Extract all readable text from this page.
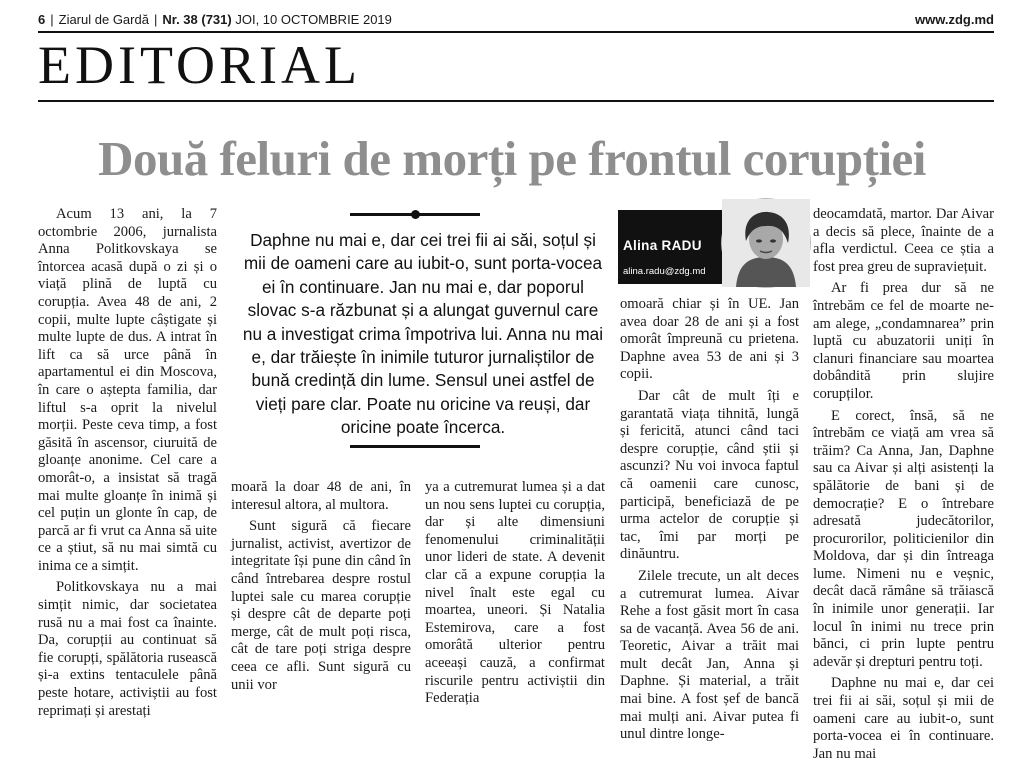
6 | Ziarul de Gardă | Nr. 38 (731) JOI, 10 OCTOMBRIE 2019	www.zdg.md
EDITORIAL
Două feluri de morți pe frontul corupției

Acum 13 ani, la 7 octombrie 2006, jurnalista Anna Politkovskaya se întorcea acasă după o zi și o viață plină de luptă cu corupția. Avea 48 de ani, 2 copii, multe lupte câștigate și multe lupte de dus. A intrat în lift ca să urce până în apartamentul ei din Moscova, în care o aștepta familia, dar liftul s-a oprit la nivelul morții. Peste ceva timp, a fost găsită în ascensor, ciuruită de gloanțe anonime. Cel care a omorât-o, a insistat să tragă mai multe gloanțe în inimă și cel puțin un glonte în cap, de parcă ar fi vrut ca Anna să uite ce a știut, să nu mai simtă cu inima ce a simțit.

Politkovskaya nu a mai simțit nimic, dar societatea rusă nu a mai fost ca înainte. Da, corupții au continuat să fie corupți, spălătoria rusească și-a extins tentaculele până peste hotare, activiștii au fost reprimați și arestați

Daphne nu mai e, dar cei trei fii ai săi, soțul și mii de oameni care au iubit-o, sunt porta-vocea ei în continuare. Jan nu mai e, dar poporul slovac s-a răzbunat și a alungat guvernul care nu a investigat crima împotriva lui. Anna nu mai e, dar trăiește în inimile tuturor jurnaliștilor de bună credință din lume. Sensul unei astfel de vieți pare clar. Poate nu oricine va reuși, dar oricine poate încerca.

moară la doar 48 de ani, în interesul altora, al multora.

Sunt sigură că fiecare jurnalist, activist, avertizor de integritate își pune din când în când întrebarea despre rostul luptei sale cu marea corupție și despre cât de departe poți merge, cât de mult poți risca, cât de tare poți striga despre ceea ce afli. Sunt sigură cu unii vor

ya a cutremurat lumea și a dat un nou sens luptei cu corupția, dar și alte dimensiuni fenomenului criminalității unor lideri de state. A devenit clar că a expune corupția la nivel înalt este egal cu moartea, uneori. Și Natalia Estemirova, care a fost omorâtă ulterior pentru aceeași cauză, a confirmat riscurile pentru activiștii din Federația

Alina RADU
alina.radu@zdg.md

omoară chiar și în UE. Jan avea doar 28 de ani și a fost omorât împreună cu prietena. Daphne avea 53 de ani și 3 copii.

Dar cât de mult îți e garantată viața tihnită, lungă și fericită, atunci când taci despre corupție, când știi și ascunzi? Nu voi invoca faptul că oamenii care cunosc, participă, beneficiază de pe urma actelor de corupție și tac, îmi par morți pe dinăuntru.

Zilele trecute, un alt deces a cutremurat lumea. Aivar Rehe a fost găsit mort în casa sa de vacanță. Avea 56 de ani. Teoretic, Aivar a trăit mai mult decât Jan, Anna și Daphne. Și material, a trăit mai bine. A fost șef de bancă mai mulți ani. Aivar putea fi unul dintre longe-

deocamdată, martor. Dar Aivar a decis să plece, înainte de a afla verdictul. Ceea ce știa a fost prea greu de supraviețuit.

Ar fi prea dur să ne întrebăm ce fel de moarte ne-am alege, „condamnarea” prin luptă cu abuzatorii uniți în clanuri financiare sau moartea dobândită prin slujire corupților.

E corect, însă, să ne întrebăm ce viață am vrea să trăim? Ca Anna, Jan, Daphne sau ca Aivar și alți asistenți la spălătorie de bani și de democrație? E o întrebare adresată judecătorilor, procurorilor, politicienilor din Moldova, dar și din întreaga lume. Nimeni nu e veșnic, decât dacă rămâne să trăiască în inimile unor generații. Iar locul în inimi nu trece prin bănci, ci prin lupte pentru adevăr și drepturi pentru toți.

Daphne nu mai e, dar cei trei fii ai săi, soțul și mii de oameni care au iubit-o, sunt porta-vocea ei în continuare. Jan nu mai
